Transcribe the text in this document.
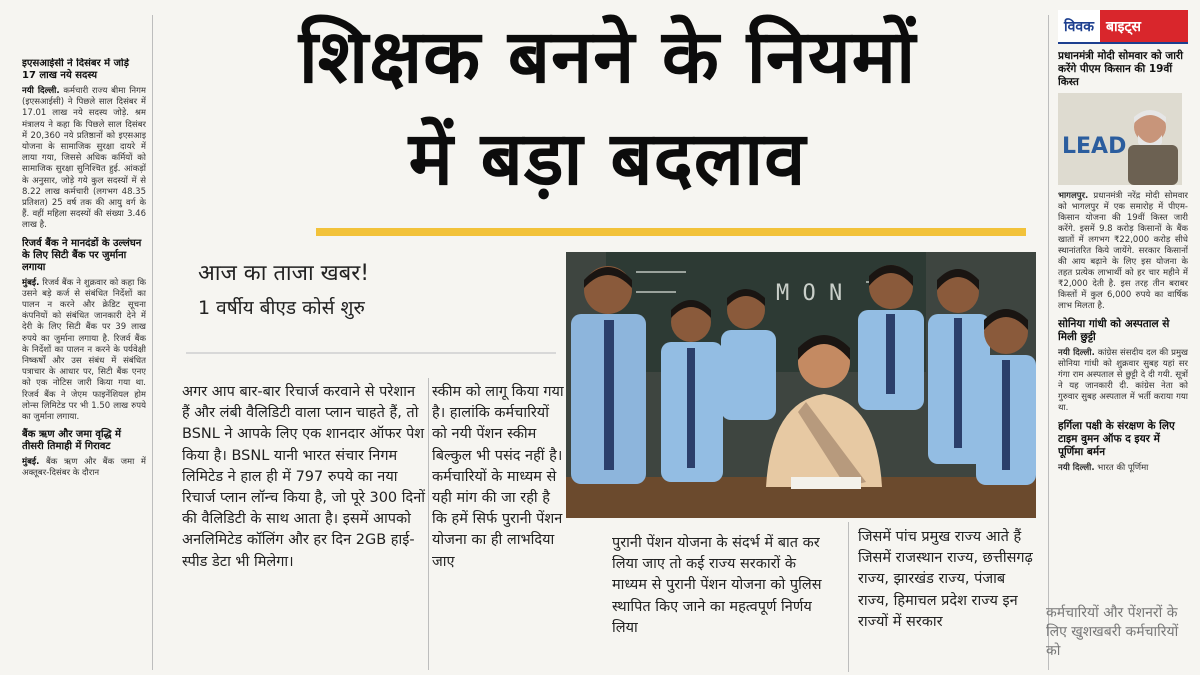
इएसआईसी ने दिसंबर में जोड़े 17 लाख नये सदस्य

नयी दिल्ली. कर्मचारी राज्य बीमा निगम (इएसआईसी) ने पिछले साल दिसंबर में 17.01 लाख नये सदस्य जोड़े. श्रम मंत्रालय ने कहा कि पिछले साल दिसंबर में 20,360 नये प्रतिष्ठानों को इएसआइ योजना के सामाजिक सुरक्षा दायरे में लाया गया, जिससे अधिक कर्मियों को सामाजिक सुरक्षा सुनिश्चित हुई. आंकड़ों के अनुसार, जोड़े गये कुल सदस्यों में से 8.22 लाख कर्मचारी (लगभग 48.35 प्रतिशत) 25 वर्ष तक की आयु वर्ग के हैं. वहीं महिला सदस्यों की संख्या 3.46 लाख है.

रिजर्व बैंक ने मानदंडों के उल्लंघन के लिए सिटी बैंक पर जुर्माना लगाया

मुंबई. रिजर्व बैंक ने शुक्रवार को कहा कि उसने बड़े कर्ज से संबंधित निर्देशों का पालन न करने और क्रेडिट सूचना कंपनियों को संबंधित जानकारी देने में देरी के लिए सिटी बैंक पर 39 लाख रुपये का जुर्माना लगाया है. रिजर्व बैंक के निर्देशों का पालन न करने के पर्यवेक्षी निष्कर्षों और उस संबंध में संबंधित पत्राचार के आधार पर, सिटी बैंक एनए को एक नोटिस जारी किया गया था. रिजर्व बैंक ने जेएम फाइनेंशियल होम लोन्स लिमिटेड पर भी 1.50 लाख रुपये का जुर्माना लगाया.

बैंक ऋण और जमा वृद्धि में तीसरी तिमाही में गिरावट

मुंबई. बैंक ऋण और बैंक जमा में अक्तूबर-दिसंबर के दौरान

शिक्षक बनने के नियमों
में बड़ा बदलाव
आज का ताजा खबर!
1 वर्षीय बीएड कोर्स शुरु
अगर आप बार-बार रिचार्ज करवाने से परेशान हैं और लंबी वैलिडिटी वाला प्लान चाहते हैं, तो BSNL ने आपके लिए एक शानदार ऑफर पेश किया है। BSNL यानी भारत संचार निगम लिमिटेड ने हाल ही में 797 रुपये का नया रिचार्ज प्लान लॉन्च किया है, जो पूरे 300 दिनों की वैलिडिटी के साथ आता है। इसमें आपको अनलिमिटेड कॉलिंग और हर दिन 2GB हाई-स्पीड डेटा भी मिलेगा।
स्कीम को लागू किया गया है। हालांकि कर्मचारियों को नयी पेंशन स्कीम बिल्कुल भी पसंद नहीं है। कर्मचारियों के माध्यम से यही मांग की जा रही है कि हमें सिर्फ पुरानी पेंशन योजना का ही लाभदिया जाए
पुरानी पेंशन योजना के संदर्भ में बात कर लिया जाए तो कई राज्य सरकारों के माध्यम से पुरानी पेंशन योजना को पुलिस स्थापित किए जाने का महत्वपूर्ण निर्णय लिया
जिसमें पांच प्रमुख राज्य आते हैं जिसमें राजस्थान राज्य, छत्तीसगढ़ राज्य, झारखंड राज्य, पंजाब राज्य, हिमाचल प्रदेश राज्य इन राज्यों में सरकार
M O N
विवक बाइट्स
प्रधानमंत्री मोदी सोमवार को जारी करेंगे पीएम किसान की 19वीं किस्त
LEAD

भागलपुर. प्रधानमंत्री नरेंद्र मोदी सोमवार को भागलपुर में एक समारोह में पीएम-किसान योजना की 19वीं किस्त जारी करेंगे. इसमें 9.8 करोड़ किसानों के बैंक खातों में लगभग ₹22,000 करोड़ सीधे स्थानांतरित किये जायेंगे. सरकार किसानों की आय बढ़ाने के लिए इस योजना के तहत प्रत्येक लाभार्थी को हर चार महीने में ₹2,000 देती है. इस तरह तीन बराबर किस्तों में कुल 6,000 रुपये का वार्षिक लाभ मिलता है.

सोनिया गांधी को अस्पताल से मिली छुट्टी

नयी दिल्ली. कांग्रेस संसदीय दल की प्रमुख सोनिया गांधी को शुक्रवार सुबह यहां सर गंगा राम अस्पताल से छुट्टी दे दी गयी. सूत्रों ने यह जानकारी दी. कांग्रेस नेता को गुरुवार सुबह अस्पताल में भर्ती कराया गया था.

हर्गिला पक्षी के संरक्षण के लिए टाइम वुमन ऑफ द इयर में पूर्णिमा बर्मन

नयी दिल्ली. भारत की पूर्णिमा

कर्मचारियों और पेंशनरों के लिए खुशखबरी कर्मचारियों को
